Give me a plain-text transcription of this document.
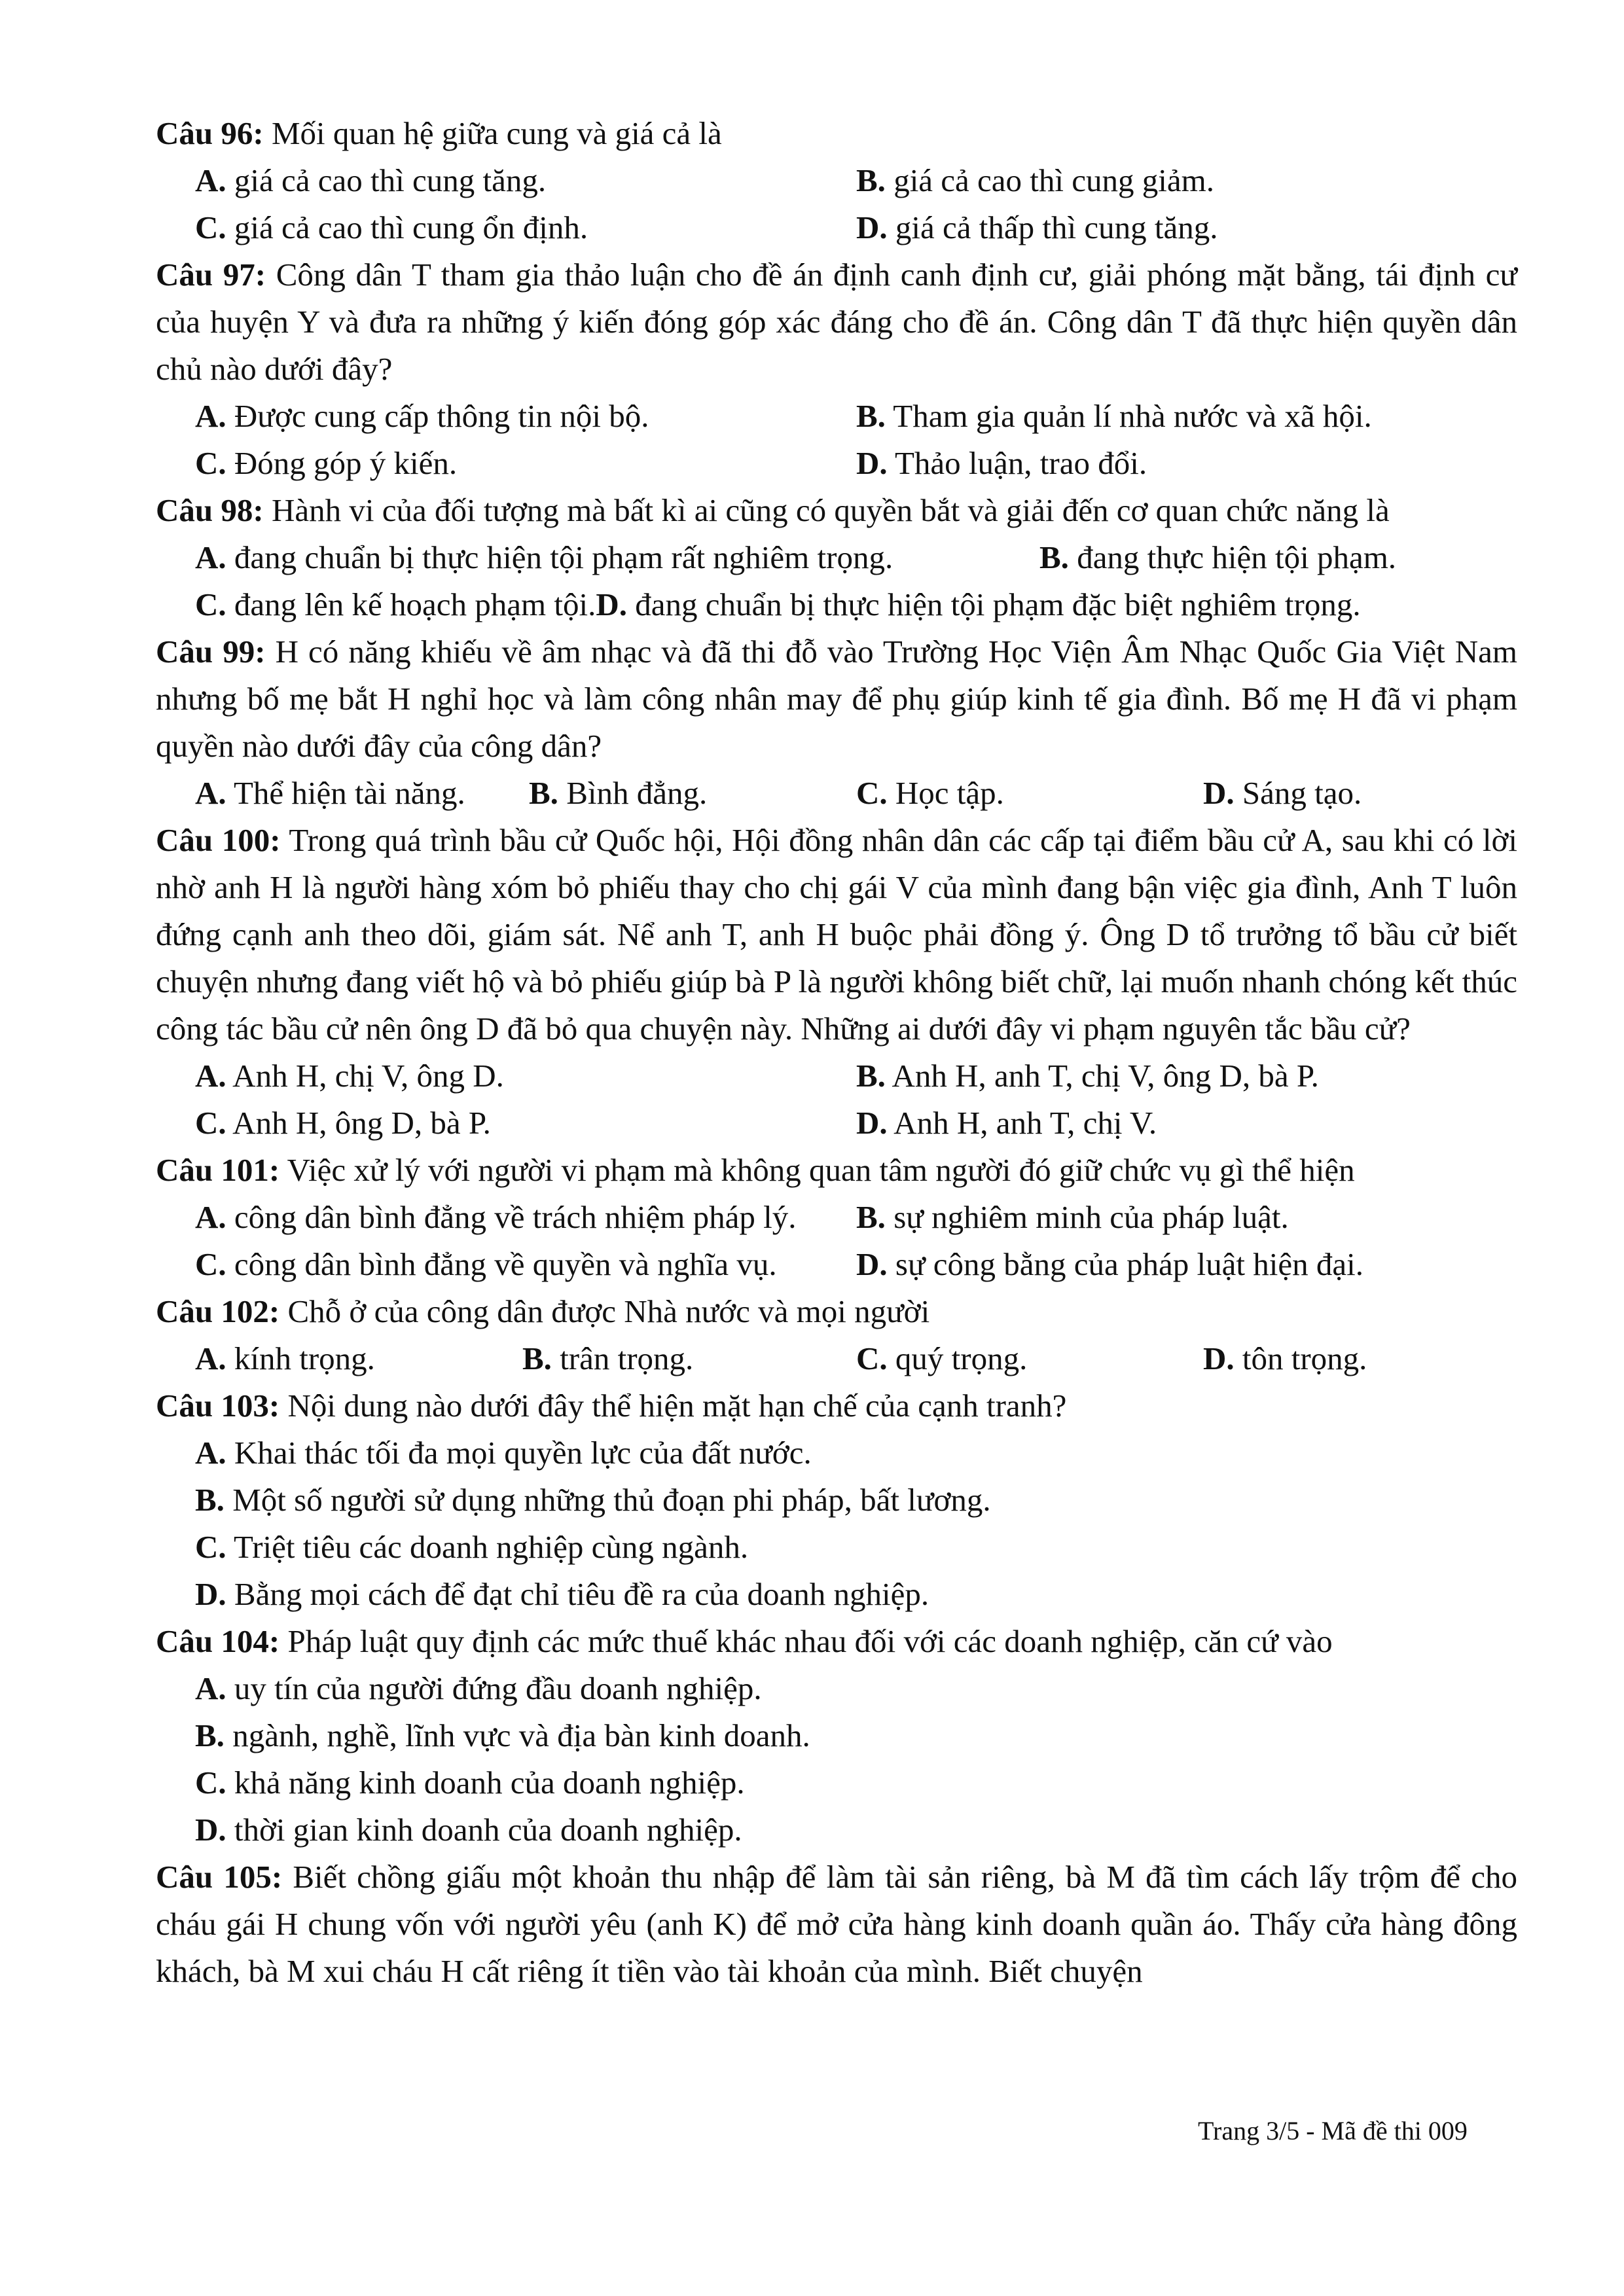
Câu 96: Mối quan hệ giữa cung và giá cả là
A. giá cả cao thì cung tăng.	B. giá cả cao thì cung giảm.
C. giá cả cao thì cung ổn định.	D. giá cả thấp thì cung tăng.
Câu 97: Công dân T tham gia thảo luận cho đề án định canh định cư, giải phóng mặt bằng, tái định cư của huyện Y và đưa ra những ý kiến đóng góp xác đáng cho đề án. Công dân T đã thực hiện quyền dân chủ nào dưới đây?
A. Được cung cấp thông tin nội bộ.	B. Tham gia quản lí nhà nước và xã hội.
C. Đóng góp ý kiến.	D. Thảo luận, trao đổi.
Câu 98: Hành vi của đối tượng mà bất kì ai cũng có quyền bắt và giải đến cơ quan chức năng là
A. đang chuẩn bị thực hiện tội phạm rất nghiêm trọng.	B. đang thực hiện tội phạm.
C. đang lên kế hoạch phạm tội. D. đang chuẩn bị thực hiện tội phạm đặc biệt nghiêm trọng.
Câu 99: H có năng khiếu về âm nhạc và đã thi đỗ vào Trường Học Viện Âm Nhạc Quốc Gia Việt Nam nhưng bố mẹ bắt H nghỉ học và làm công nhân may để phụ giúp kinh tế gia đình. Bố mẹ H đã vi phạm quyền nào dưới đây của công dân?
A. Thể hiện tài năng.	B. Bình đẳng.	C. Học tập.	D. Sáng tạo.
Câu 100: Trong quá trình bầu cử Quốc hội, Hội đồng nhân dân các cấp tại điểm bầu cử A, sau khi có lời nhờ anh H là người hàng xóm bỏ phiếu thay cho chị gái V của mình đang bận việc gia đình, Anh T luôn đứng cạnh anh theo dõi, giám sát. Nể anh T, anh H buộc phải đồng ý. Ông D tổ trưởng tổ bầu cử biết chuyện nhưng đang viết hộ và bỏ phiếu giúp bà P là người không biết chữ, lại muốn nhanh chóng kết thúc công tác bầu cử nên ông D đã bỏ qua chuyện này. Những ai dưới đây vi phạm nguyên tắc bầu cử?
A. Anh H, chị V, ông D.	B. Anh H, anh T, chị V, ông D, bà P.
C. Anh H, ông D, bà P.	D. Anh H, anh T, chị V.
Câu 101: Việc xử lý với người vi phạm mà không quan tâm người đó giữ chức vụ gì thể hiện
A. công dân bình đẳng về trách nhiệm pháp lý.	B. sự nghiêm minh của pháp luật.
C. công dân bình đẳng về quyền và nghĩa vụ.	D. sự công bằng của pháp luật hiện đại.
Câu 102: Chỗ ở của công dân được Nhà nước và mọi người
A. kính trọng.	B. trân trọng.	C. quý trọng.	D. tôn trọng.
Câu 103: Nội dung nào dưới đây thể hiện mặt hạn chế của cạnh tranh?
A. Khai thác tối đa mọi quyền lực của đất nước.
B. Một số người sử dụng những thủ đoạn phi pháp, bất lương.
C. Triệt tiêu các doanh nghiệp cùng ngành.
D. Bằng mọi cách để đạt chỉ tiêu đề ra của doanh nghiệp.
Câu 104: Pháp luật quy định các mức thuế khác nhau đối với các doanh nghiệp, căn cứ vào
A. uy tín của người đứng đầu doanh nghiệp.
B. ngành, nghề, lĩnh vực và địa bàn kinh doanh.
C. khả năng kinh doanh của doanh nghiệp.
D. thời gian kinh doanh của doanh nghiệp.
Câu 105: Biết chồng giấu một khoản thu nhập để làm tài sản riêng, bà M đã tìm cách lấy trộm để cho cháu gái H chung vốn với người yêu (anh K) để mở cửa hàng kinh doanh quần áo. Thấy cửa hàng đông khách, bà M xui cháu H cất riêng ít tiền vào tài khoản của mình. Biết chuyện
Trang 3/5 - Mã đề thi 009
